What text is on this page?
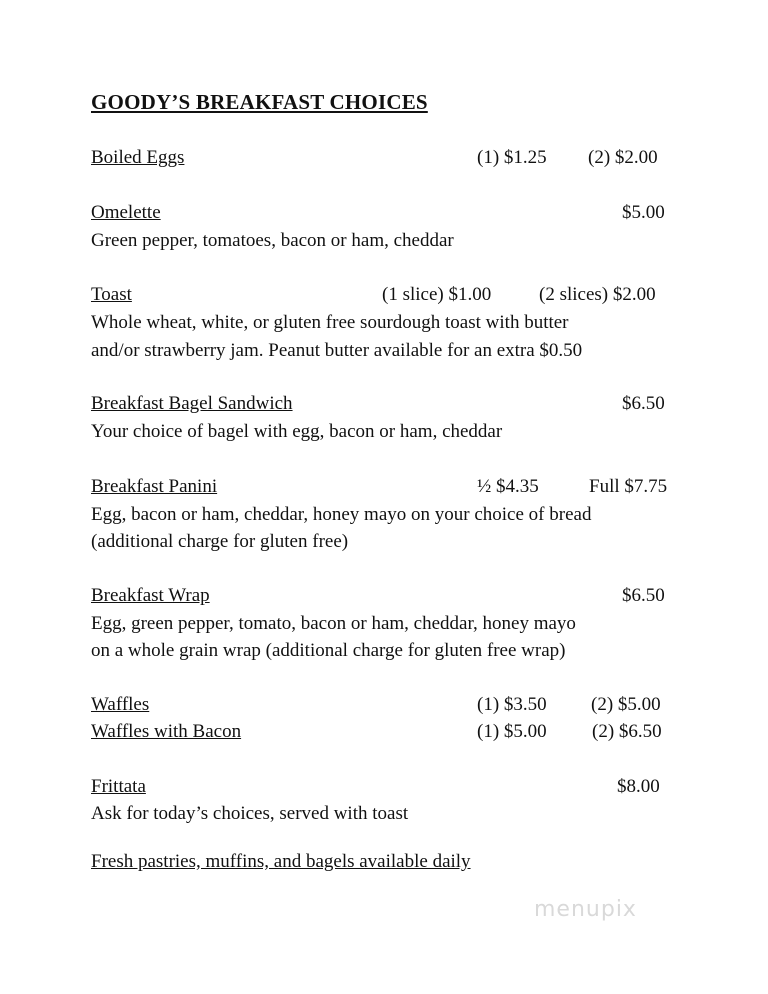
GOODY’S BREAKFAST CHOICES
Boiled Eggs	(1) $1.25 (2) $2.00
Omelette	$5.00
Green pepper, tomatoes, bacon or ham, cheddar
Toast	(1 slice) $1.00	(2 slices) $2.00
Whole wheat, white, or gluten free sourdough toast with butter
and/or strawberry jam. Peanut butter available for an extra $0.50
Breakfast Bagel Sandwich	$6.50
Your choice of bagel with egg, bacon or ham, cheddar
Breakfast Panini	½ $4.35	Full $7.75
Egg, bacon or ham, cheddar, honey mayo on your choice of bread
(additional charge for gluten free)
Breakfast Wrap	$6.50
Egg, green pepper, tomato, bacon or ham, cheddar, honey mayo
on a whole grain wrap (additional charge for gluten free wrap)
Waffles	(1) $3.50 (2) $5.00
Waffles with Bacon	(1) $5.00 (2) $6.50
Frittata	$8.00
Ask for today’s choices, served with toast
Fresh pastries, muffins, and bagels available daily
menupix
